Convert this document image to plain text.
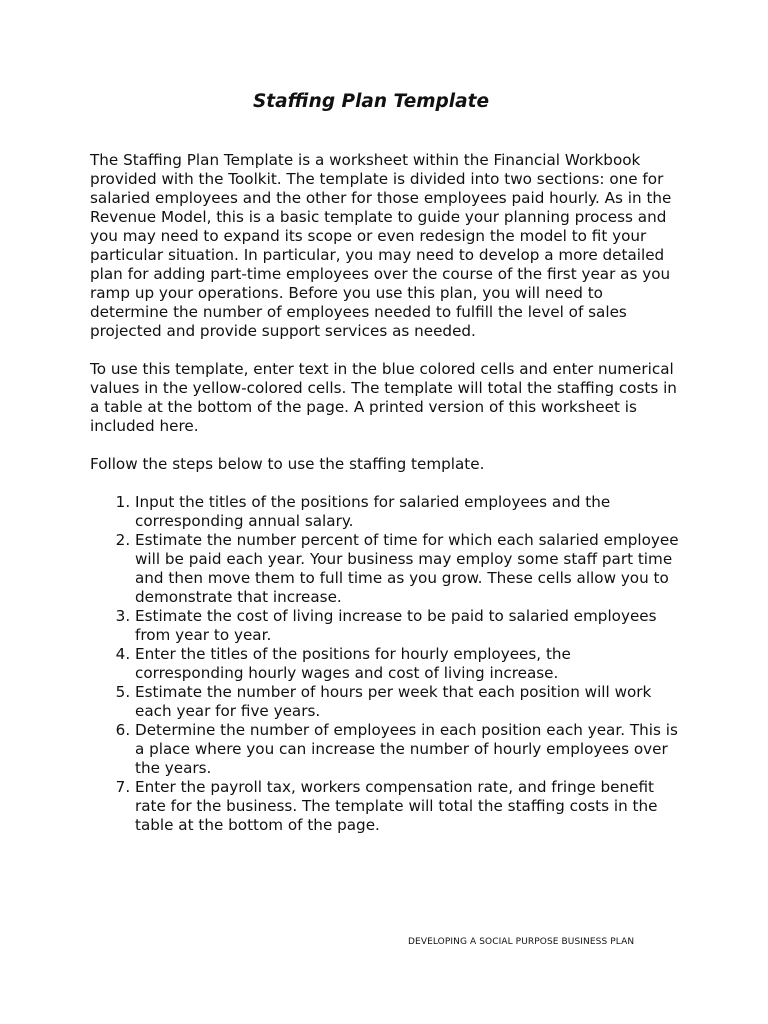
Staffing Plan Template

The Staffing Plan Template is a worksheet within the Financial Workbook provided with the Toolkit. The template is divided into two sections: one for salaried employees and the other for those employees paid hourly. As in the Revenue Model, this is a basic template to guide your planning process and you may need to expand its scope or even redesign the model to fit your particular situation. In particular, you may need to develop a more detailed plan for adding part-time employees over the course of the first year as you ramp up your operations. Before you use this plan, you will need to determine the number of employees needed to fulfill the level of sales projected and provide support services as needed.

To use this template, enter text in the blue colored cells and enter numerical values in the yellow-colored cells. The template will total the staffing costs in a table at the bottom of the page. A printed version of this worksheet is included here.

Follow the steps below to use the staffing template.

1. Input the titles of the positions for salaried employees and the corresponding annual salary.
2. Estimate the number percent of time for which each salaried employee will be paid each year. Your business may employ some staff part time and then move them to full time as you grow. These cells allow you to demonstrate that increase.
3. Estimate the cost of living increase to be paid to salaried employees from year to year.
4. Enter the titles of the positions for hourly employees, the corresponding hourly wages and cost of living increase.
5. Estimate the number of hours per week that each position will work each year for five years.
6. Determine the number of employees in each position each year. This is a place where you can increase the number of hourly employees over the years.
7. Enter the payroll tax, workers compensation rate, and fringe benefit rate for the business. The template will total the staffing costs in the table at the bottom of the page.
DEVELOPING A SOCIAL PURPOSE BUSINESS PLAN
